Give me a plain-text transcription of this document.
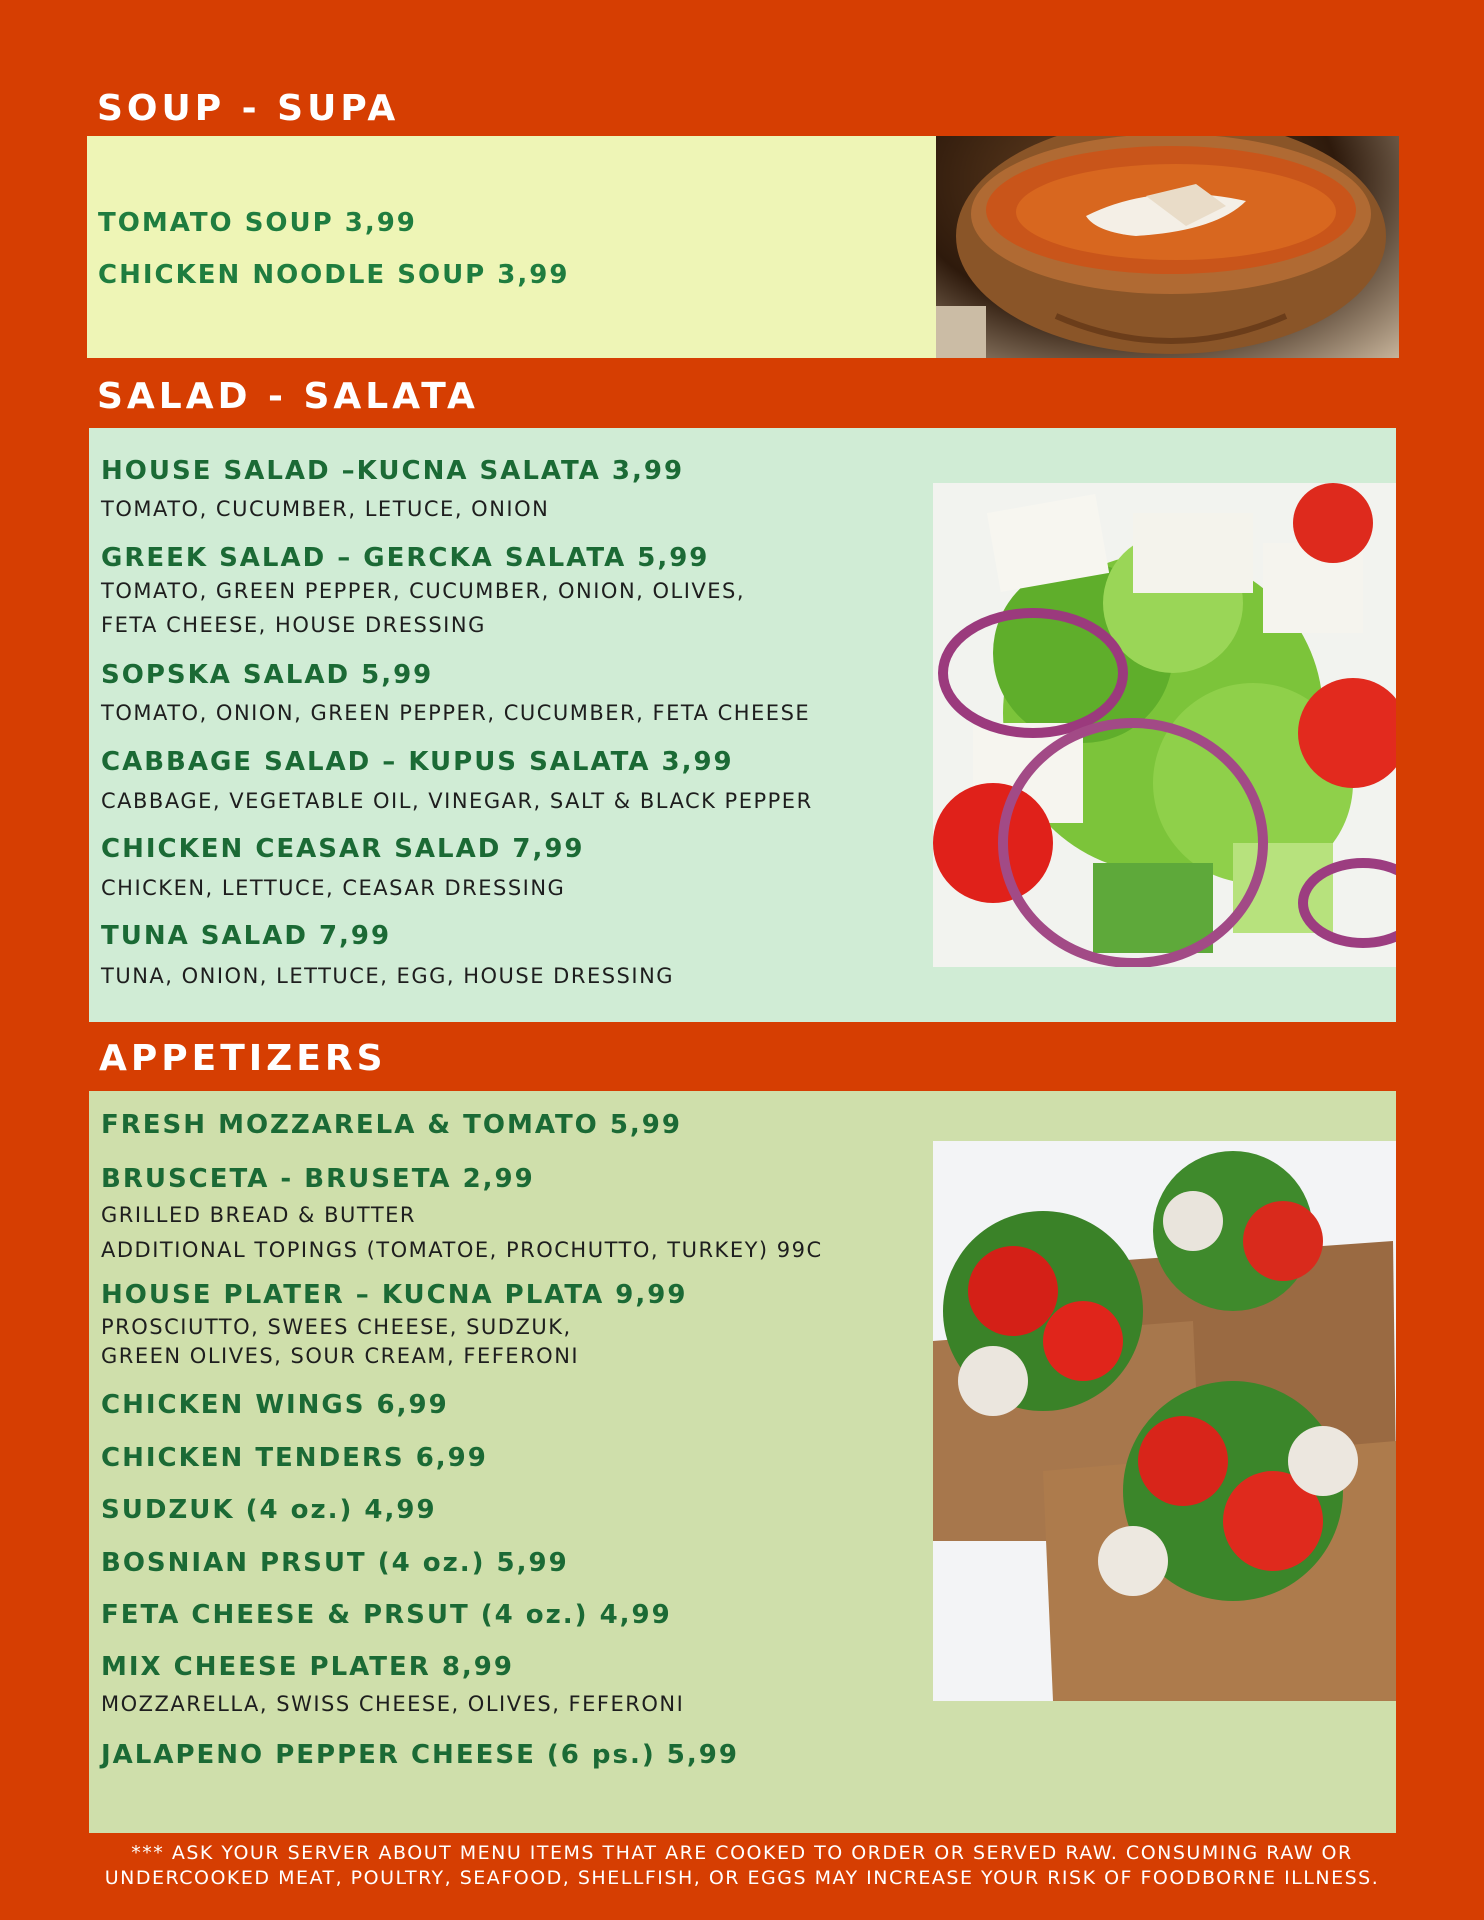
SOUP - SUPA

TOMATO SOUP 3,99

CHICKEN NOODLE SOUP 3,99

SALAD - SALATA

HOUSE SALAD –KUCNA SALATA 3,99

TOMATO, CUCUMBER, LETUCE, ONION

GREEK SALAD – GERCKA SALATA 5,99

TOMATO, GREEN PEPPER, CUCUMBER, ONION, OLIVES,

FETA CHEESE, HOUSE DRESSING

SOPSKA SALAD 5,99

TOMATO, ONION, GREEN PEPPER, CUCUMBER, FETA CHEESE

CABBAGE SALAD – KUPUS SALATA 3,99

CABBAGE, VEGETABLE OIL, VINEGAR, SALT & BLACK PEPPER

CHICKEN CEASAR SALAD 7,99

CHICKEN, LETTUCE, CEASAR DRESSING

TUNA SALAD 7,99

TUNA, ONION, LETTUCE, EGG, HOUSE DRESSING

APPETIZERS

FRESH MOZZARELA & TOMATO 5,99

BRUSCETA - BRUSETA 2,99

GRILLED BREAD & BUTTER

ADDITIONAL TOPINGS (TOMATOE, PROCHUTTO, TURKEY) 99C

HOUSE PLATER – KUCNA PLATA 9,99

PROSCIUTTO, SWEES CHEESE, SUDZUK,

GREEN OLIVES, SOUR CREAM, FEFERONI

CHICKEN WINGS 6,99

CHICKEN TENDERS 6,99

SUDZUK (4 oz.) 4,99

BOSNIAN PRSUT (4 oz.) 5,99

FETA CHEESE & PRSUT (4 oz.) 4,99

MIX CHEESE PLATER 8,99

MOZZARELLA, SWISS CHEESE, OLIVES, FEFERONI

JALAPENO PEPPER CHEESE (6 ps.) 5,99

*** ASK YOUR SERVER ABOUT MENU ITEMS THAT ARE COOKED TO ORDER OR SERVED RAW. CONSUMING RAW OR

UNDERCOOKED MEAT, POULTRY, SEAFOOD, SHELLFISH, OR EGGS MAY INCREASE YOUR RISK OF FOODBORNE ILLNESS.
